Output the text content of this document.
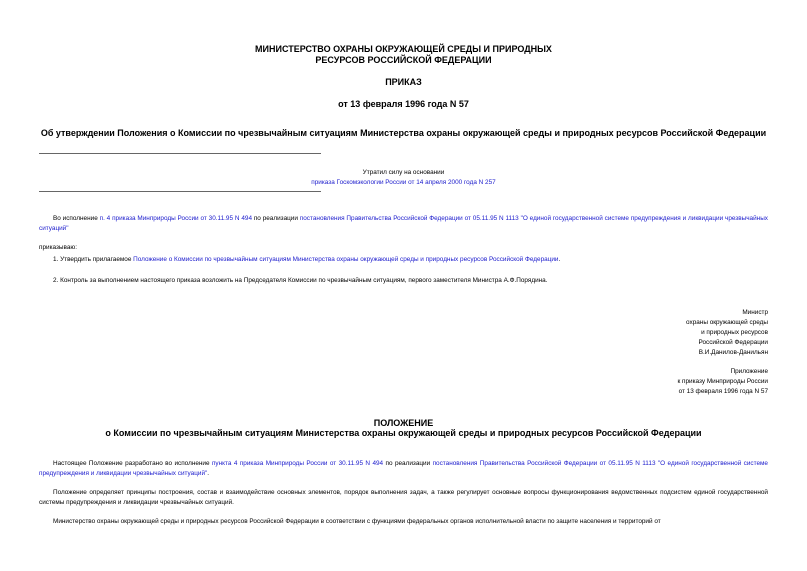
МИНИСТЕРСТВО ОХРАНЫ ОКРУЖАЮЩЕЙ СРЕДЫ И ПРИРОДНЫХ
РЕСУРСОВ РОССИЙСКОЙ ФЕДЕРАЦИИ
ПРИКАЗ
от 13 февраля 1996 года N 57
Об утверждении Положения о Комиссии по чрезвычайным ситуациям Министерства охраны окружающей среды и природных ресурсов Российской Федерации
Утратил силу на основании
приказа Госкомэкологии России от 14 апреля 2000 года N 257
Во исполнение п. 4 приказа Минприроды России от 30.11.95 N 494 по реализации постановления Правительства Российской Федерации от 05.11.95 N 1113 "О единой государственной системе предупреждения и ликвидации чрезвычайных ситуаций"
приказываю:
1. Утвердить прилагаемое Положение о Комиссии по чрезвычайным ситуациям Министерства охраны окружающей среды и природных ресурсов Российской Федерации.
2. Контроль за выполнением настоящего приказа возложить на Председателя Комиссии по чрезвычайным ситуациям, первого заместителя Министра А.Ф.Порядина.
Министр
охраны окружающей среды
и природных ресурсов
Российской Федерации
В.И.Данилов-Данильян
Приложение
к приказу Минприроды России
от 13 февраля 1996 года N 57
ПОЛОЖЕНИЕ
о Комиссии по чрезвычайным ситуациям Министерства охраны окружающей среды и природных ресурсов Российской Федерации
Настоящее Положение разработано во исполнение пункта 4 приказа Минприроды России от 30.11.95 N 494 по реализации постановления Правительства Российской Федерации от 05.11.95 N 1113 "О единой государственной системе предупреждения и ликвидации чрезвычайных ситуаций".
Положение определяет принципы построения, состав и взаимодействие основных элементов, порядок выполнения задач, а также регулирует основные вопросы функционирования ведомственных подсистем единой государственной системы предупреждения и ликвидации чрезвычайных ситуаций.
Министерство охраны окружающей среды и природных ресурсов Российской Федерации в соответствии с функциями федеральных органов исполнительной власти по защите населения и территорий от
